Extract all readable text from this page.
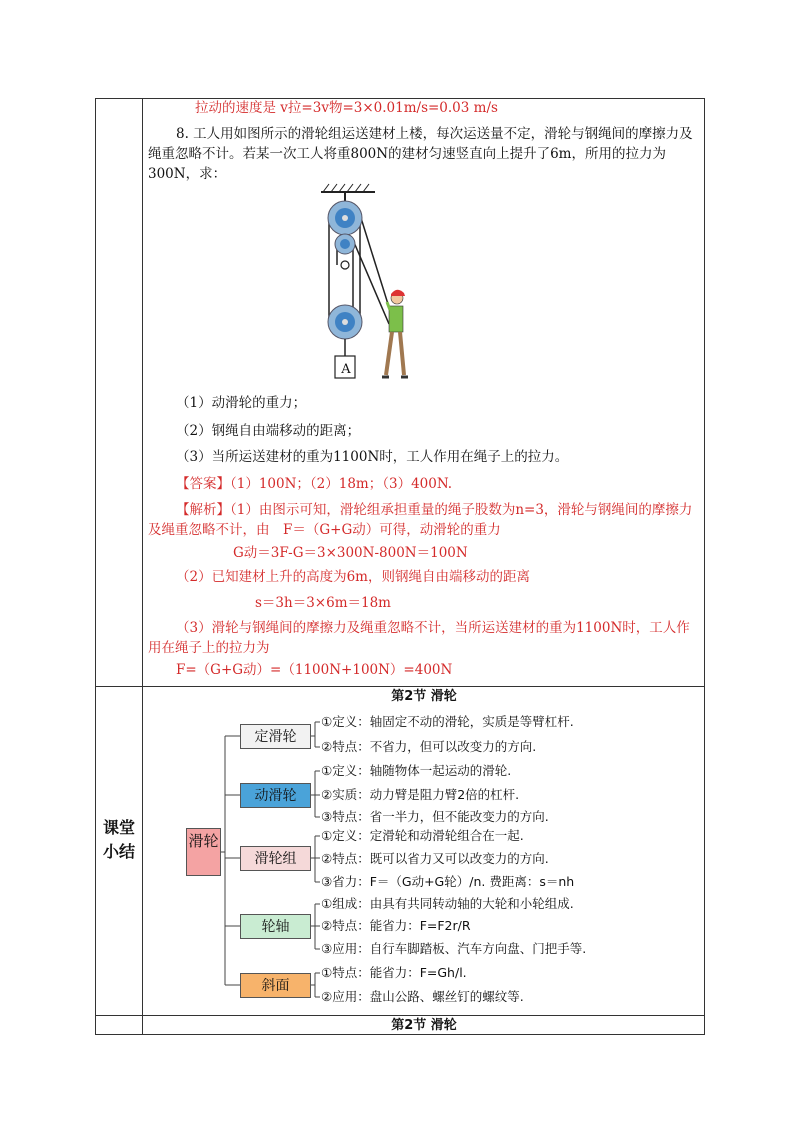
拉动的速度是 v拉=3v物=3×0.01m/s=0.03 m/s
8. 工人用如图所示的滑轮组运送建材上楼，每次运送量不定，滑轮与钢绳间的摩擦力及绳重忽略不计。若某一次工人将重800N的建材匀速竖直向上提升了6m，所用的拉力为300N，求：
A
（1）动滑轮的重力；
（2）钢绳自由端移动的距离；
（3）当所运送建材的重为1100N时，工人作用在绳子上的拉力。
【答案】（1）100N；（2）18m；（3）400N.
【解析】（1）由图示可知，滑轮组承担重量的绳子股数为n=3，滑轮与钢绳间的摩擦力及绳重忽略不计，由　F＝（G+G动）可得，动滑轮的重力
G动＝3F-G＝3×300N-800N＝100N
（2）已知建材上升的高度为6m，则钢绳自由端移动的距离
s＝3h＝3×6m＝18m
（3）滑轮与钢绳间的摩擦力及绳重忽略不计，当所运送建材的重为1100N时，工人作用在绳子上的拉力为
F=（G+G动）=（1100N+100N）=400N
课堂小结
第2节 滑轮
滑轮
定滑轮
动滑轮
滑轮组
轮轴
斜面
①定义：轴固定不动的滑轮，实质是等臂杠杆.
②特点：不省力，但可以改变力的方向.
①定义：轴随物体一起运动的滑轮.
②实质：动力臂是阻力臂2倍的杠杆.
③特点：省一半力，但不能改变力的方向.
①定义：定滑轮和动滑轮组合在一起.
②特点：既可以省力又可以改变力的方向.
③省力：F＝（G动+G轮）/n. 费距离：s＝nh
①组成：由具有共同转动轴的大轮和小轮组成.
②特点：能省力：F=F2r/R
③应用：自行车脚踏板、汽车方向盘、门把手等.
①特点：能省力：F=Gh/l.
②应用：盘山公路、螺丝钉的螺纹等.
第2节 滑轮
